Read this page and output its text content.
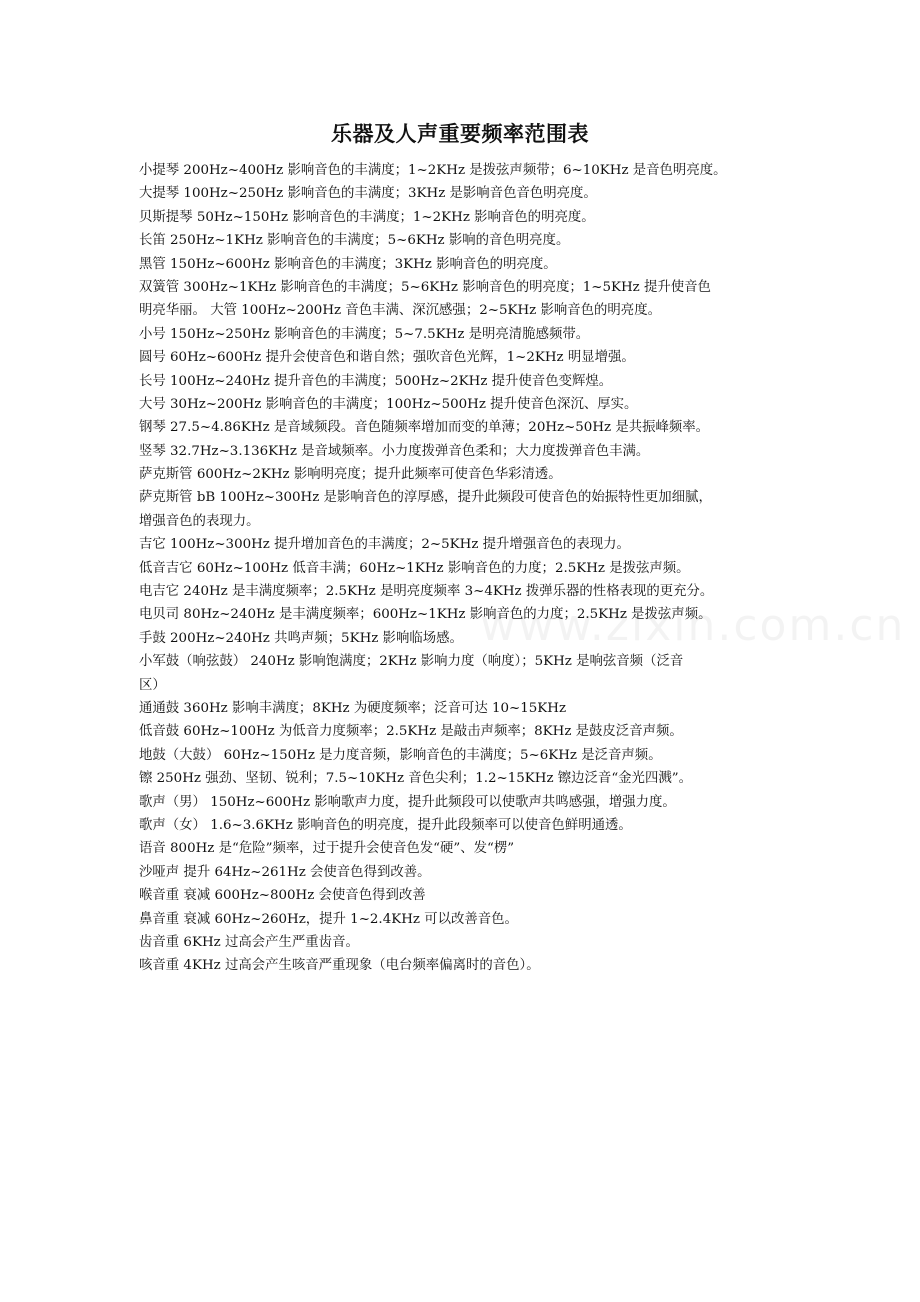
乐器及人声重要频率范围表
小提琴 200Hz~400Hz 影响音色的丰满度；1~2KHz 是拨弦声频带；6~10KHz 是音色明亮度。
大提琴 100Hz~250Hz 影响音色的丰满度；3KHz 是影响音色音色明亮度。
贝斯提琴 50Hz~150Hz 影响音色的丰满度；1~2KHz 影响音色的明亮度。
长笛 250Hz~1KHz 影响音色的丰满度；5~6KHz 影响的音色明亮度。
黑管 150Hz~600Hz 影响音色的丰满度；3KHz 影响音色的明亮度。
双簧管 300Hz~1KHz 影响音色的丰满度；5~6KHz 影响音色的明亮度；1~5KHz 提升使音色
明亮华丽。 大管 100Hz~200Hz 音色丰满、深沉感强；2~5KHz 影响音色的明亮度。
小号 150Hz~250Hz 影响音色的丰满度；5~7.5KHz 是明亮清脆感频带。
圆号 60Hz~600Hz 提升会使音色和谐自然；强吹音色光辉，1~2KHz 明显增强。
长号 100Hz~240Hz 提升音色的丰满度；500Hz~2KHz 提升使音色变辉煌。
大号 30Hz~200Hz 影响音色的丰满度；100Hz~500Hz 提升使音色深沉、厚实。
钢琴 27.5~4.86KHz 是音域频段。音色随频率增加而变的单薄；20Hz~50Hz 是共振峰频率。
竖琴 32.7Hz~3.136KHz 是音域频率。小力度拨弹音色柔和；大力度拨弹音色丰满。
萨克斯管 600Hz~2KHz 影响明亮度；提升此频率可使音色华彩清透。
萨克斯管 bB 100Hz~300Hz 是影响音色的淳厚感，提升此频段可使音色的始振特性更加细腻，
增强音色的表现力。
吉它 100Hz~300Hz 提升增加音色的丰满度；2~5KHz 提升增强音色的表现力。
低音吉它 60Hz~100Hz 低音丰满；60Hz~1KHz 影响音色的力度；2.5KHz 是拨弦声频。
电吉它 240Hz 是丰满度频率；2.5KHz 是明亮度频率 3~4KHz 拨弹乐器的性格表现的更充分。
电贝司 80Hz~240Hz 是丰满度频率；600Hz~1KHz 影响音色的力度；2.5KHz 是拨弦声频。
手鼓 200Hz~240Hz 共鸣声频；5KHz 影响临场感。
小军鼓（响弦鼓） 240Hz 影响饱满度；2KHz 影响力度（响度）；5KHz 是响弦音频（泛音
区）
通通鼓 360Hz 影响丰满度；8KHz 为硬度频率；泛音可达 10~15KHz
低音鼓 60Hz~100Hz 为低音力度频率；2.5KHz 是敲击声频率；8KHz 是鼓皮泛音声频。
地鼓（大鼓） 60Hz~150Hz 是力度音频，影响音色的丰满度；5~6KHz 是泛音声频。
镲 250Hz 强劲、坚韧、锐利；7.5~10KHz 音色尖利；1.2~15KHz 镲边泛音“金光四溅”。
歌声（男） 150Hz~600Hz 影响歌声力度，提升此频段可以使歌声共鸣感强，增强力度。
歌声（女） 1.6~3.6KHz 影响音色的明亮度，提升此段频率可以使音色鲜明通透。
语音 800Hz 是“危险”频率，过于提升会使音色发“硬”、发“楞”
沙哑声 提升 64Hz~261Hz 会使音色得到改善。
喉音重 衰减 600Hz~800Hz 会使音色得到改善
鼻音重 衰减 60Hz~260Hz，提升 1~2.4KHz 可以改善音色。
齿音重 6KHz 过高会产生严重齿音。
咳音重 4KHz 过高会产生咳音严重现象（电台频率偏离时的音色）。
